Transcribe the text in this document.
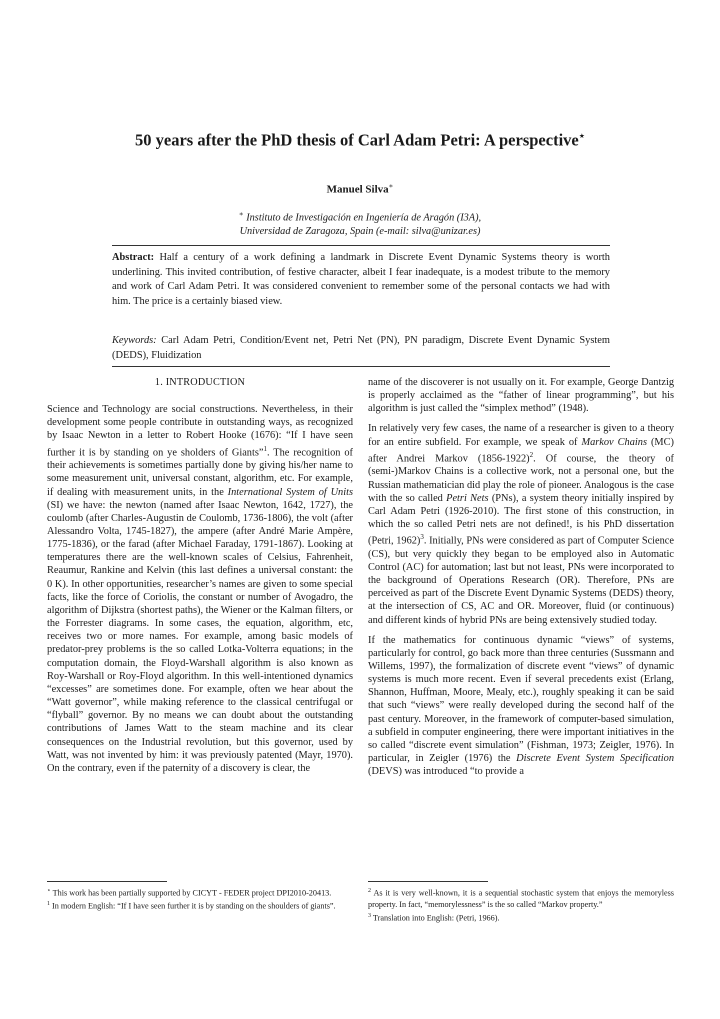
50 years after the PhD thesis of Carl Adam Petri: A perspective⋆
Manuel Silva∗
∗ Instituto de Investigación en Ingeniería de Aragón (I3A),
Universidad de Zaragoza, Spain (e-mail: silva@unizar.es)
Abstract: Half a century of a work defining a landmark in Discrete Event Dynamic Systems theory is worth underlining. This invited contribution, of festive character, albeit I fear inadequate, is a modest tribute to the memory and work of Carl Adam Petri. It was considered convenient to remember some of the personal contacts we had with him. The price is a certainly biased view.
Keywords: Carl Adam Petri, Condition/Event net, Petri Net (PN), PN paradigm, Discrete Event Dynamic System (DEDS), Fluidization
1. INTRODUCTION

Science and Technology are social constructions. Nevertheless, in their development some people contribute in outstanding ways, as recognized by Isaac Newton in a letter to Robert Hooke (1676): “If I have seen further it is by standing on ye sholders of Giants”$^1$. The recognition of their achievements is sometimes partially done by giving his/her name to some measurement unit, universal constant, algorithm, etc. For example, if dealing with measurement units, in the International System of Units (SI) we have: the newton (named after Isaac Newton, 1642, 1727), the coulomb (after Charles-Augustin de Coulomb, 1736-1806), the volt (after Alessandro Volta, 1745-1827), the ampere (after André Marie Ampère, 1775-1836), or the farad (after Michael Faraday, 1791-1867). Looking at temperatures there are the well-known scales of Celsius, Fahrenheit, Reaumur, Rankine and Kelvin (this last defines a universal constant: the 0 K). In other opportunities, researcher’s names are given to some special facts, like the force of Coriolis, the constant or number of Avogadro, the algorithm of Dijkstra (shortest paths), the Wiener or the Kalman filters, or the Forrester diagrams. In some cases, the equation, algorithm, etc, receives two or more names. For example, among basic models of predator-prey problems is the so called Lotka-Volterra equations; in the computation domain, the Floyd-Warshall algorithm is also known as Roy-Warshall or Roy-Floyd algorithm. In this well-intentioned dynamics “excesses” are sometimes done. For example, often we hear about the “Watt governor”, while making reference to the classical centrifugal or “flyball” governor. By no means we can doubt about the outstanding contributions of James Watt to the steam machine and its clear consequences on the Industrial revolution, but this governor, used by Watt, was not invented by him: it was previously patented (Mayr, 1970). On the contrary, even if the paternity of a discovery is clear, the

name of the discoverer is not usually on it. For example, George Dantzig is properly acclaimed as the “father of linear programming”, but his algorithm is just called the “simplex method” (1948).

In relatively very few cases, the name of a researcher is given to a theory for an entire subfield. For example, we speak of Markov Chains (MC) after Andrei Markov (1856-1922)$^2$. Of course, the theory of (semi-)Markov Chains is a collective work, not a personal one, but the Russian mathematician did play the role of pioneer. Analogous is the case with the so called Petri Nets (PNs), a system theory initially inspired by Carl Adam Petri (1926-2010). The first stone of this construction, in which the so called Petri nets are not defined!, is his PhD dissertation (Petri, 1962)$^3$. Initially, PNs were considered as part of Computer Science (CS), but very quickly they began to be employed also in Automatic Control (AC) for automation; last but not least, PNs were incorporated to the background of Operations Research (OR). Therefore, PNs are perceived as part of the Discrete Event Dynamic Systems (DEDS) theory, at the intersection of CS, AC and OR. Moreover, fluid (or continuous) and different kinds of hybrid PNs are being extensively studied today.

If the mathematics for continuous dynamic “views” of systems, particularly for control, go back more than three centuries (Sussmann and Willems, 1997), the formalization of discrete event “views” of dynamic systems is much more recent. Even if several precedents exist (Erlang, Shannon, Huffman, Moore, Mealy, etc.), roughly speaking it can be said that such “views” were really developed during the second half of the past century. Moreover, in the framework of computer-based simulation, a subfield in computer engineering, there were important initiatives in the so called “discrete event simulation” (Fishman, 1973; Zeigler, 1976). In particular, in Zeigler (1976) the Discrete Event System Specification (DEVS) was introduced “to provide a

⋆ This work has been partially supported by CICYT - FEDER project DPI2010-20413.

$^1$ In modern English: “If I have seen further it is by standing on the shoulders of giants”.

$^2$ As it is very well-known, it is a sequential stochastic system that enjoys the memoryless property. In fact, “memorylessness” is the so called “Markov property.”

$^3$ Translation into English: (Petri, 1966).
